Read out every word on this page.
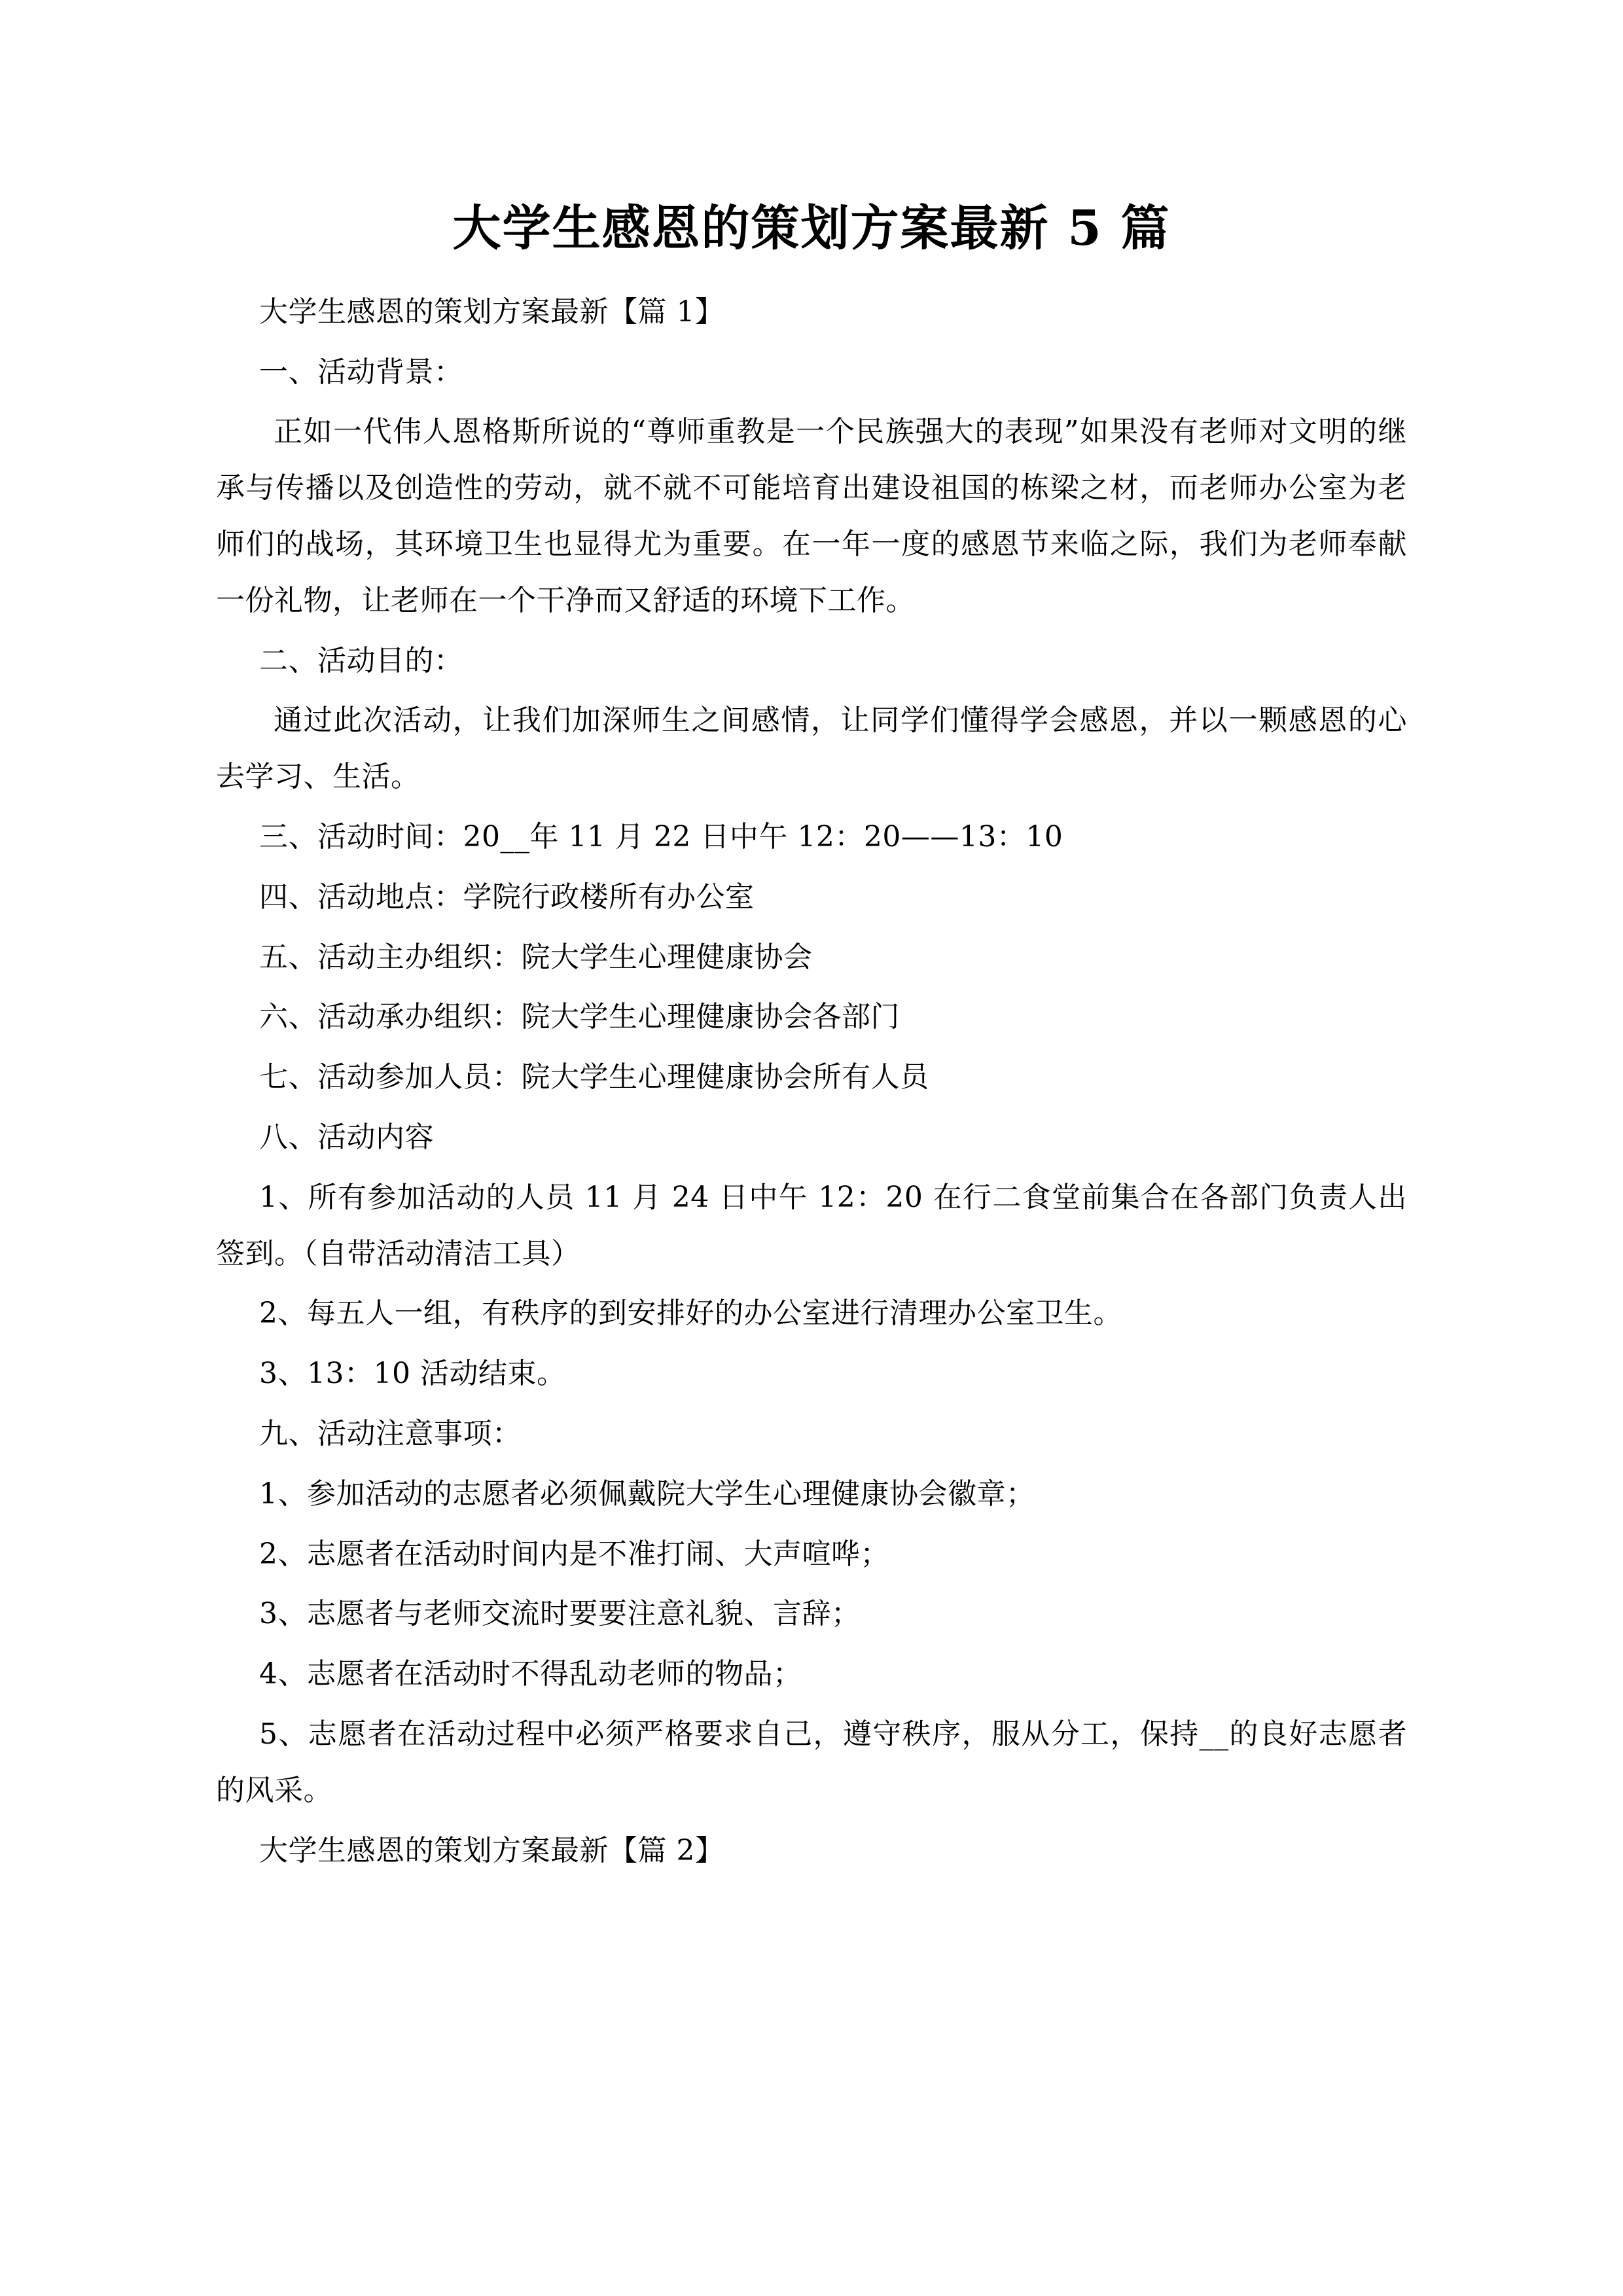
大学生感恩的策划方案最新 5 篇

大学生感恩的策划方案最新【篇 1】

一、活动背景：

正如一代伟人恩格斯所说的“尊师重教是一个民族强大的表现”如果没有老师对文明的继承与传播以及创造性的劳动，就不就不可能培育出建设祖国的栋梁之材，而老师办公室为老师们的战场，其环境卫生也显得尤为重要。在一年一度的感恩节来临之际，我们为老师奉献一份礼物，让老师在一个干净而又舒适的环境下工作。

二、活动目的：

通过此次活动，让我们加深师生之间感情，让同学们懂得学会感恩，并以一颗感恩的心去学习、生活。

三、活动时间：20__年 11 月 22 日中午 12：20——13：10

四、活动地点：学院行政楼所有办公室

五、活动主办组织：院大学生心理健康协会

六、活动承办组织：院大学生心理健康协会各部门

七、活动参加人员：院大学生心理健康协会所有人员

八、活动内容

1、所有参加活动的人员 11 月 24 日中午 12：20 在行二食堂前集合在各部门负责人出签到。（自带活动清洁工具）

2、每五人一组，有秩序的到安排好的办公室进行清理办公室卫生。

3、13：10 活动结束。

九、活动注意事项：

1、参加活动的志愿者必须佩戴院大学生心理健康协会徽章；

2、志愿者在活动时间内是不准打闹、大声喧哗；

3、志愿者与老师交流时要要注意礼貌、言辞；

4、志愿者在活动时不得乱动老师的物品；

5、志愿者在活动过程中必须严格要求自己，遵守秩序，服从分工，保持__的良好志愿者的风采。

大学生感恩的策划方案最新【篇 2】
